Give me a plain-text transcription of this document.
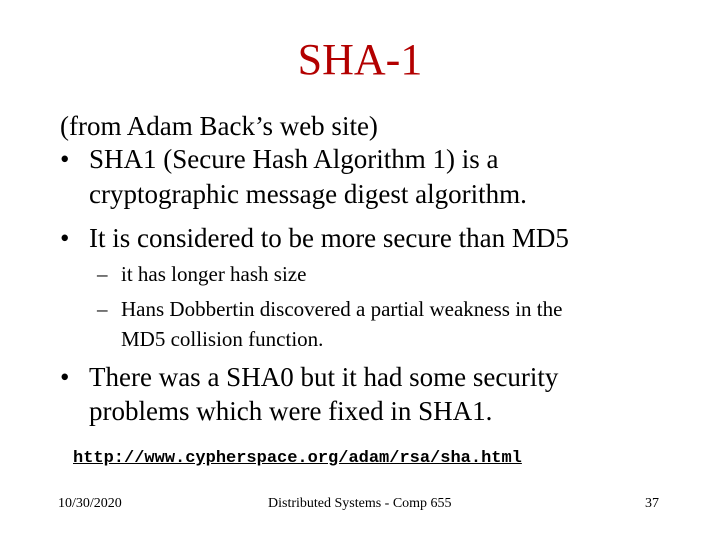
SHA-1
(from Adam Back’s web site)
• SHA1 (Secure Hash Algorithm 1) is a
cryptographic message digest algorithm.
• It is considered to be more secure than MD5
– it has longer hash size
– Hans Dobbertin discovered a partial weakness in the
MD5 collision function.
• There was a SHA0 but it had some security
problems which were fixed in SHA1.
http://www.cypherspace.org/adam/rsa/sha.html
10/30/2020	Distributed Systems - Comp 655	37
